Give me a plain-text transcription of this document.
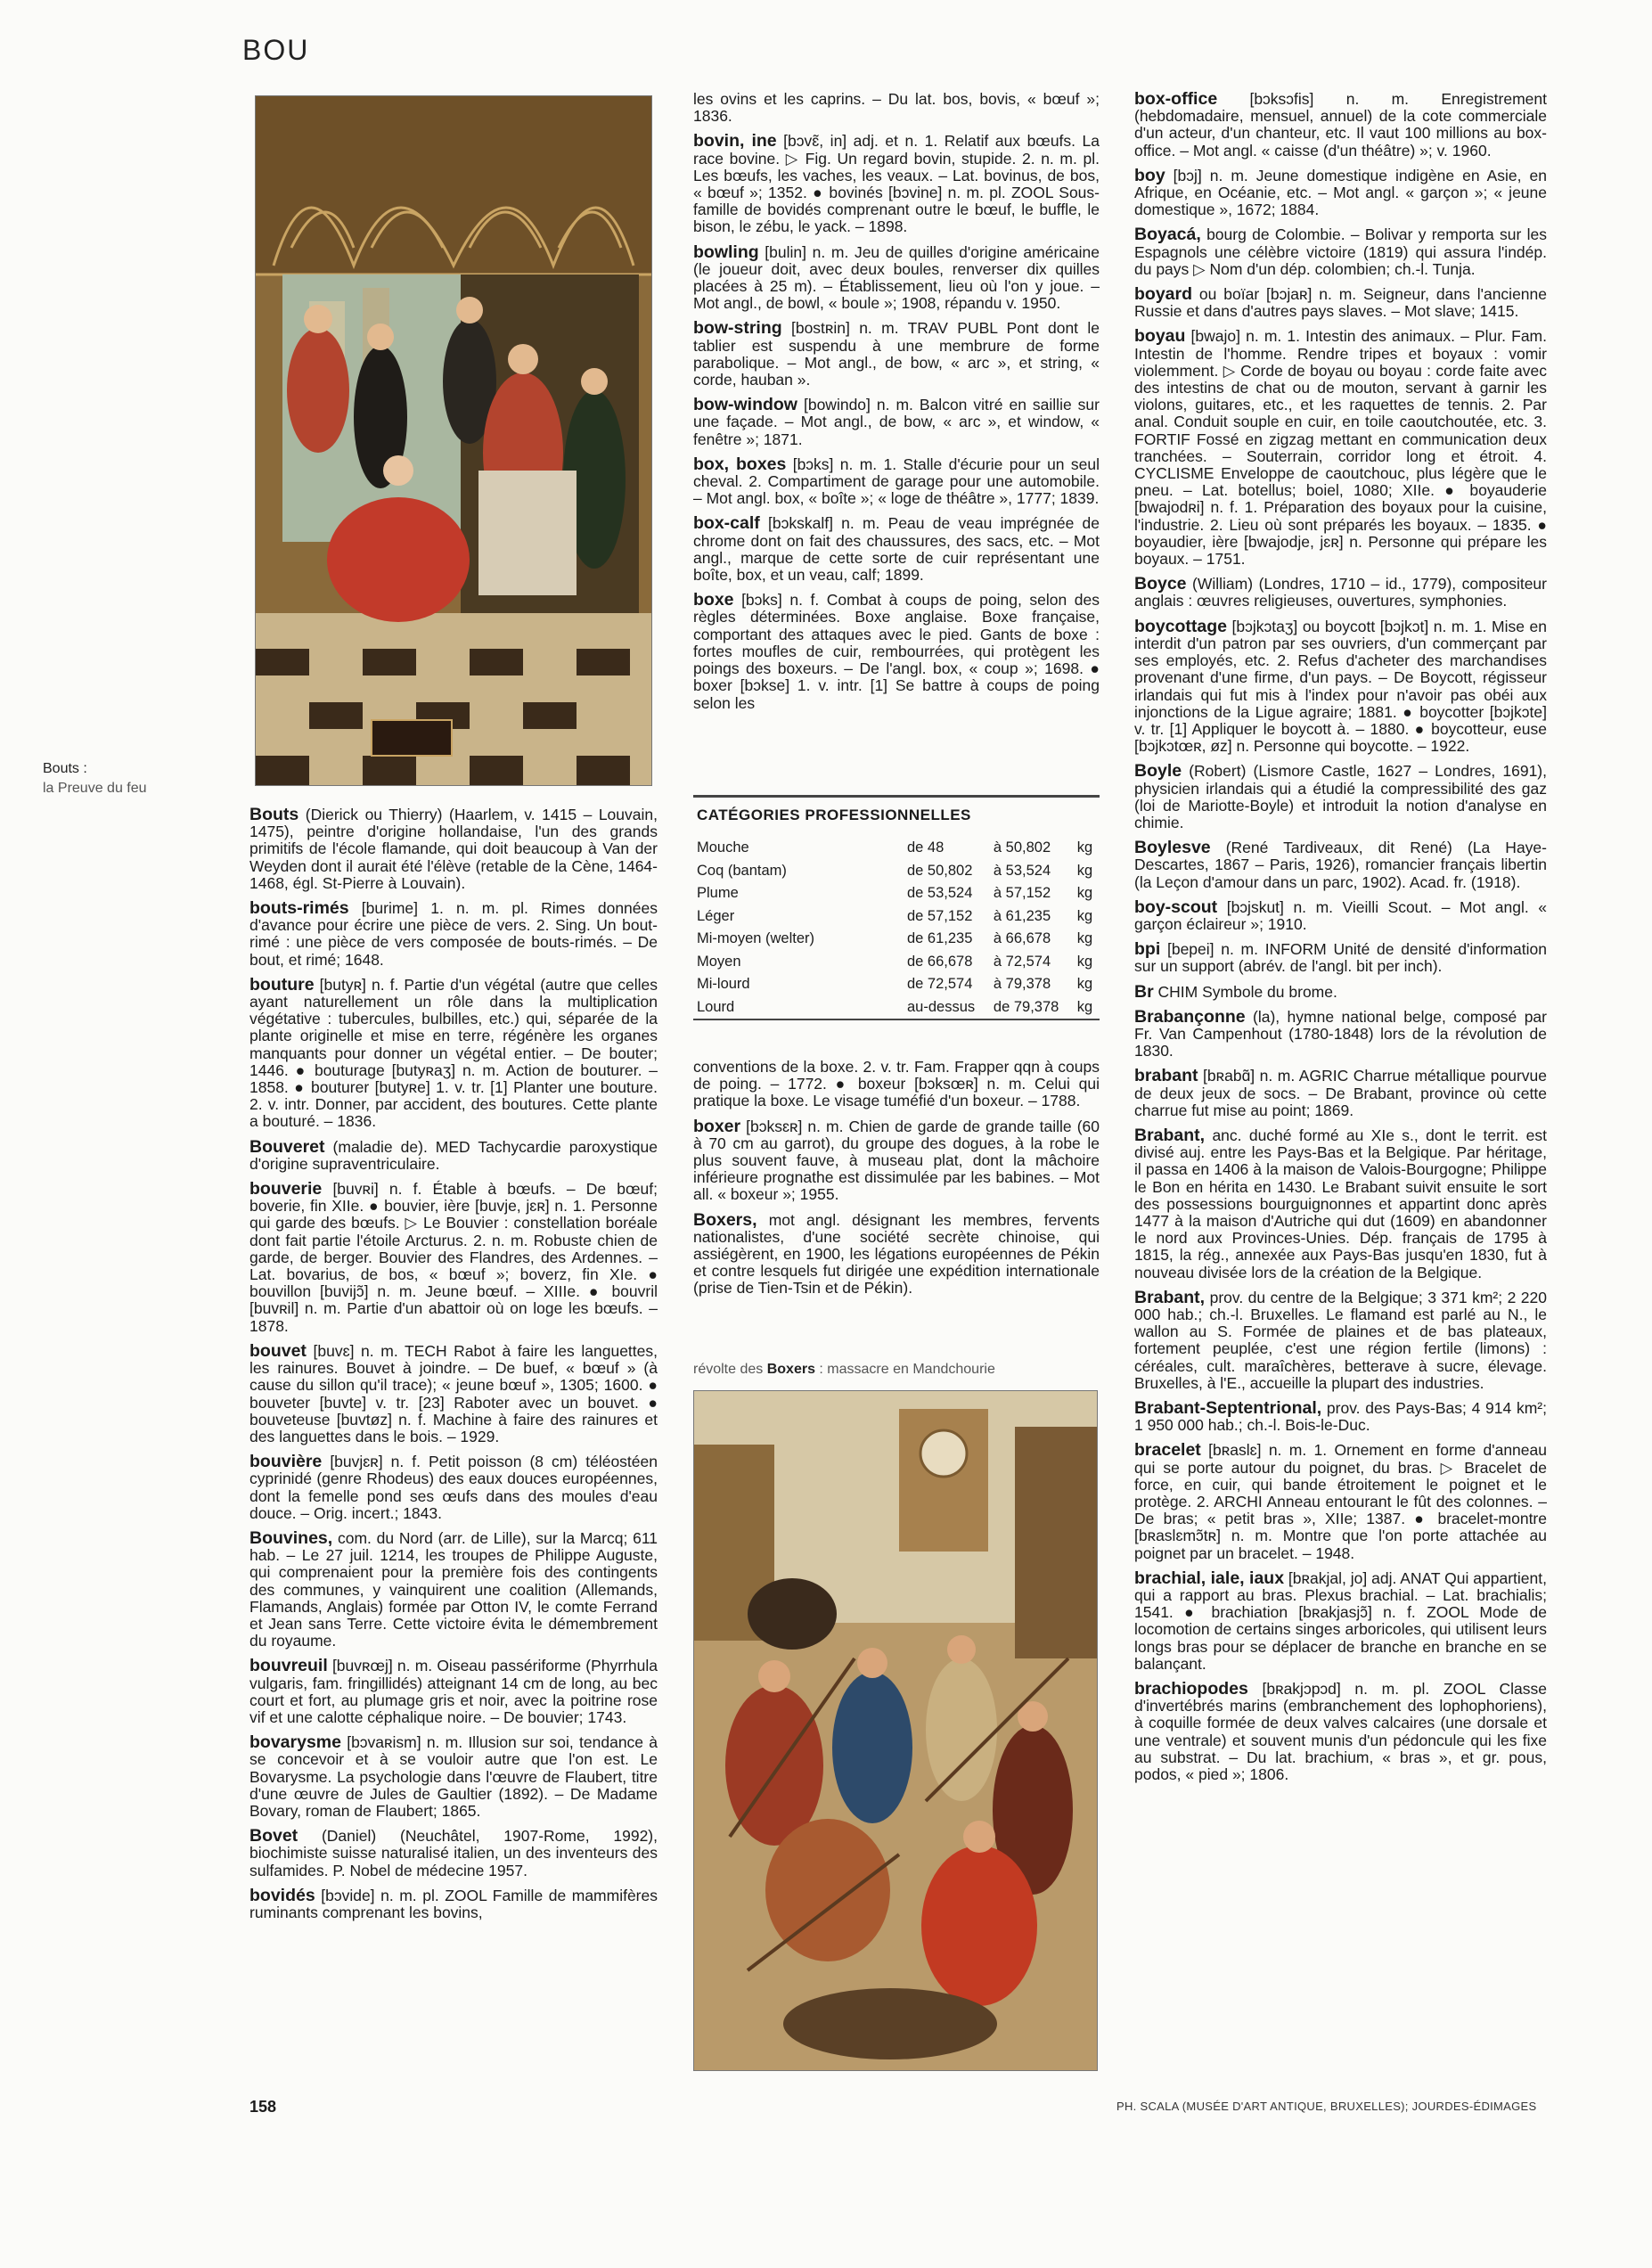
BOU
Bouts :
la Preuve du feu
Bouts (Dierick ou Thierry) (Haarlem, v. 1415 – Louvain, 1475), peintre d'origine hollandaise, l'un des grands primitifs de l'école flamande, qui doit beaucoup à Van der Weyden dont il aurait été l'élève (retable de la Cène, 1464-1468, égl. St-Pierre à Louvain).
bouts-rimés [burime] 1. n. m. pl. Rimes données d'avance pour écrire une pièce de vers. 2. Sing. Un bout-rimé : une pièce de vers composée de bouts-rimés. – De bout, et rimé; 1648.
bouture [butyʀ] n. f. Partie d'un végétal (autre que celles ayant naturellement un rôle dans la multiplication végétative : tubercules, bulbilles, etc.) qui, séparée de la plante originelle et mise en terre, régénère les organes manquants pour donner un végétal entier. – De bouter; 1446. ● bouturage [butyʀaʒ] n. m. Action de bouturer. – 1858. ● bouturer [butyʀe] 1. v. tr. [1] Planter une bouture. 2. v. intr. Donner, par accident, des boutures. Cette plante a bouturé. – 1836.
Bouveret (maladie de). MED Tachycardie paroxystique d'origine supraventriculaire.
bouverie [buvʀi] n. f. Étable à bœufs. – De bœuf; boverie, fin XIIe. ● bouvier, ière [buvje, jɛʀ] n. 1. Personne qui garde des bœufs. ▷ Le Bouvier : constellation boréale dont fait partie l'étoile Arcturus. 2. n. m. Robuste chien de garde, de berger. Bouvier des Flandres, des Ardennes. – Lat. bovarius, de bos, « bœuf »; boverz, fin XIe. ● bouvillon [buvijɔ̃] n. m. Jeune bœuf. – XIIIe. ● bouvril [buvʀil] n. m. Partie d'un abattoir où on loge les bœufs. – 1878.
bouvet [buvɛ] n. m. TECH Rabot à faire les languettes, les rainures. Bouvet à joindre. – De buef, « bœuf » (à cause du sillon qu'il trace); « jeune bœuf », 1305; 1600. ● bouveter [buvte] v. tr. [23] Raboter avec un bouvet. ● bouveteuse [buvtøz] n. f. Machine à faire des rainures et des languettes dans le bois. – 1929.
bouvière [buvjɛʀ] n. f. Petit poisson (8 cm) téléostéen cyprinidé (genre Rhodeus) des eaux douces européennes, dont la femelle pond ses œufs dans des moules d'eau douce. – Orig. incert.; 1843.
Bouvines, com. du Nord (arr. de Lille), sur la Marcq; 611 hab. – Le 27 juil. 1214, les troupes de Philippe Auguste, qui comprenaient pour la première fois des contingents des communes, y vainquirent une coalition (Allemands, Flamands, Anglais) formée par Otton IV, le comte Ferrand et Jean sans Terre. Cette victoire évita le démembrement du royaume.
bouvreuil [buvʀœj] n. m. Oiseau passériforme (Phyrrhula vulgaris, fam. fringillidés) atteignant 14 cm de long, au bec court et fort, au plumage gris et noir, avec la poitrine rose vif et une calotte céphalique noire. – De bouvier; 1743.
bovarysme [bɔvaʀism] n. m. Illusion sur soi, tendance à se concevoir et à se vouloir autre que l'on est. Le Bovarysme. La psychologie dans l'œuvre de Flaubert, titre d'une œuvre de Jules de Gaultier (1892). – De Madame Bovary, roman de Flaubert; 1865.
Bovet (Daniel) (Neuchâtel, 1907-Rome, 1992), biochimiste suisse naturalisé italien, un des inventeurs des sulfamides. P. Nobel de médecine 1957.
bovidés [bɔvide] n. m. pl. ZOOL Famille de mammifères ruminants comprenant les bovins,
les ovins et les caprins. – Du lat. bos, bovis, « bœuf »; 1836.
bovin, ine [bɔvɛ̃, in] adj. et n. 1. Relatif aux bœufs. La race bovine. ▷ Fig. Un regard bovin, stupide. 2. n. m. pl. Les bœufs, les vaches, les veaux. – Lat. bovinus, de bos, « bœuf »; 1352. ● bovinés [bɔvine] n. m. pl. ZOOL Sous-famille de bovidés comprenant outre le bœuf, le buffle, le bison, le zébu, le yack. – 1898.
bowling [bulin] n. m. Jeu de quilles d'origine américaine (le joueur doit, avec deux boules, renverser dix quilles placées à 25 m). – Établissement, lieu où l'on y joue. – Mot angl., de bowl, « boule »; 1908, répandu v. 1950.
bow-string [bostʀin] n. m. TRAV PUBL Pont dont le tablier est suspendu à une membrure de forme parabolique. – Mot angl., de bow, « arc », et string, « corde, hauban ».
bow-window [bowindo] n. m. Balcon vitré en saillie sur une façade. – Mot angl., de bow, « arc », et window, « fenêtre »; 1871.
box, boxes [bɔks] n. m. 1. Stalle d'écurie pour un seul cheval. 2. Compartiment de garage pour une automobile. – Mot angl. box, « boîte »; « loge de théâtre », 1777; 1839.
box-calf [bɔkskalf] n. m. Peau de veau imprégnée de chrome dont on fait des chaussures, des sacs, etc. – Mot angl., marque de cette sorte de cuir représentant une boîte, box, et un veau, calf; 1899.
boxe [bɔks] n. f. Combat à coups de poing, selon des règles déterminées. Boxe anglaise. Boxe française, comportant des attaques avec le pied. Gants de boxe : fortes moufles de cuir, rembourrées, qui protègent les poings des boxeurs. – De l'angl. box, « coup »; 1698. ● boxer [bɔkse] 1. v. intr. [1] Se battre à coups de poing selon les
CATÉGORIES PROFESSIONNELLES
Mouche	de 48	à 50,802	kg
Coq (bantam)	de 50,802	à 53,524	kg
Plume	de 53,524	à 57,152	kg
Léger	de 57,152	à 61,235	kg
Mi-moyen (welter)	de 61,235	à 66,678	kg
Moyen	de 66,678	à 72,574	kg
Mi-lourd	de 72,574	à 79,378	kg
Lourd	au-dessus	de 79,378	kg
conventions de la boxe. 2. v. tr. Fam. Frapper qqn à coups de poing. – 1772. ● boxeur [bɔksœʀ] n. m. Celui qui pratique la boxe. Le visage tuméfié d'un boxeur. – 1788.
boxer [bɔksɛʀ] n. m. Chien de garde de grande taille (60 à 70 cm au garrot), du groupe des dogues, à la robe le plus souvent fauve, à museau plat, dont la mâchoire inférieure prognathe est dissimulée par les babines. – Mot all. « boxeur »; 1955.
Boxers, mot angl. désignant les membres, fervents nationalistes, d'une société secrète chinoise, qui assiégèrent, en 1900, les légations européennes de Pékin et contre lesquels fut dirigée une expédition internationale (prise de Tien-Tsin et de Pékin).
révolte des Boxers : massacre en Mandchourie
box-office [bɔksɔfis] n. m. Enregistrement (hebdomadaire, mensuel, annuel) de la cote commerciale d'un acteur, d'un chanteur, etc. Il vaut 100 millions au box-office. – Mot angl. « caisse (d'un théâtre) »; v. 1960.
boy [bɔj] n. m. Jeune domestique indigène en Asie, en Afrique, en Océanie, etc. – Mot angl. « garçon »; « jeune domestique », 1672; 1884.
Boyacá, bourg de Colombie. – Bolivar y remporta sur les Espagnols une célèbre victoire (1819) qui assura l'indép. du pays ▷ Nom d'un dép. colombien; ch.-l. Tunja.
boyard ou boïar [bɔjaʀ] n. m. Seigneur, dans l'ancienne Russie et dans d'autres pays slaves. – Mot slave; 1415.
boyau [bwajo] n. m. 1. Intestin des animaux. – Plur. Fam. Intestin de l'homme. Rendre tripes et boyaux : vomir violemment. ▷ Corde de boyau ou boyau : corde faite avec des intestins de chat ou de mouton, servant à garnir les violons, guitares, etc., et les raquettes de tennis. 2. Par anal. Conduit souple en cuir, en toile caoutchoutée, etc. 3. FORTIF Fossé en zigzag mettant en communication deux tranchées. – Souterrain, corridor long et étroit. 4. CYCLISME Enveloppe de caoutchouc, plus légère que le pneu. – Lat. botellus; boiel, 1080; XIIe. ● boyauderie [bwajodʀi] n. f. 1. Préparation des boyaux pour la cuisine, l'industrie. 2. Lieu où sont préparés les boyaux. – 1835. ● boyaudier, ière [bwajodje, jɛʀ] n. Personne qui prépare les boyaux. – 1751.
Boyce (William) (Londres, 1710 – id., 1779), compositeur anglais : œuvres religieuses, ouvertures, symphonies.
boycottage [bɔjkɔtaʒ] ou boycott [bɔjkɔt] n. m. 1. Mise en interdit d'un patron par ses ouvriers, d'un commerçant par ses employés, etc. 2. Refus d'acheter des marchandises provenant d'une firme, d'un pays. – De Boycott, régisseur irlandais qui fut mis à l'index pour n'avoir pas obéi aux injonctions de la Ligue agraire; 1881. ● boycotter [bɔjkɔte] v. tr. [1] Appliquer le boycott à. – 1880. ● boycotteur, euse [bɔjkɔtœʀ, øz] n. Personne qui boycotte. – 1922.
Boyle (Robert) (Lismore Castle, 1627 – Londres, 1691), physicien irlandais qui a étudié la compressibilité des gaz (loi de Mariotte-Boyle) et introduit la notion d'analyse en chimie.
Boylesve (René Tardiveaux, dit René) (La Haye-Descartes, 1867 – Paris, 1926), romancier français libertin (la Leçon d'amour dans un parc, 1902). Acad. fr. (1918).
boy-scout [bɔjskut] n. m. Vieilli Scout. – Mot angl. « garçon éclaireur »; 1910.
bpi [bepei] n. m. INFORM Unité de densité d'information sur un support (abrév. de l'angl. bit per inch).
Br CHIM Symbole du brome.
Brabançonne (la), hymne national belge, composé par Fr. Van Campenhout (1780-1848) lors de la révolution de 1830.
brabant [bʀabɑ̃] n. m. AGRIC Charrue métallique pourvue de deux jeux de socs. – De Brabant, province où cette charrue fut mise au point; 1869.
Brabant, anc. duché formé au XIe s., dont le territ. est divisé auj. entre les Pays-Bas et la Belgique. Par héritage, il passa en 1406 à la maison de Valois-Bourgogne; Philippe le Bon en hérita en 1430. Le Brabant suivit ensuite le sort des possessions bourguignonnes et appartint donc après 1477 à la maison d'Autriche qui dut (1609) en abandonner le nord aux Provinces-Unies. Dép. français de 1795 à 1815, la rég., annexée aux Pays-Bas jusqu'en 1830, fut à nouveau divisée lors de la création de la Belgique.
Brabant, prov. du centre de la Belgique; 3 371 km²; 2 220 000 hab.; ch.-l. Bruxelles. Le flamand est parlé au N., le wallon au S. Formée de plaines et de bas plateaux, fortement peuplée, c'est une région fertile (limons) : céréales, cult. maraîchères, betterave à sucre, élevage. Bruxelles, à l'E., accueille la plupart des industries.
Brabant-Septentrional, prov. des Pays-Bas; 4 914 km²; 1 950 000 hab.; ch.-l. Bois-le-Duc.
bracelet [bʀaslɛ] n. m. 1. Ornement en forme d'anneau qui se porte autour du poignet, du bras. ▷ Bracelet de force, en cuir, qui bande étroitement le poignet et le protège. 2. ARCHI Anneau entourant le fût des colonnes. – De bras; « petit bras », XIIe; 1387. ● bracelet-montre [bʀaslɛmɔ̃tʀ] n. m. Montre que l'on porte attachée au poignet par un bracelet. – 1948.
brachial, iale, iaux [bʀakjal, jo] adj. ANAT Qui appartient, qui a rapport au bras. Plexus brachial. – Lat. brachialis; 1541. ● brachiation [bʀakjasjɔ̃] n. f. ZOOL Mode de locomotion de certains singes arboricoles, qui utilisent leurs longs bras pour se déplacer de branche en branche en se balançant.
brachiopodes [bʀakjɔpɔd] n. m. pl. ZOOL Classe d'invertébrés marins (embranchement des lophophoriens), à coquille formée de deux valves calcaires (une dorsale et une ventrale) et souvent munis d'un pédoncule qui les fixe au substrat. – Du lat. brachium, « bras », et gr. pous, podos, « pied »; 1806.
158	PH. SCALA (MUSÉE D'ART ANTIQUE, BRUXELLES); JOURDES-ÉDIMAGES
